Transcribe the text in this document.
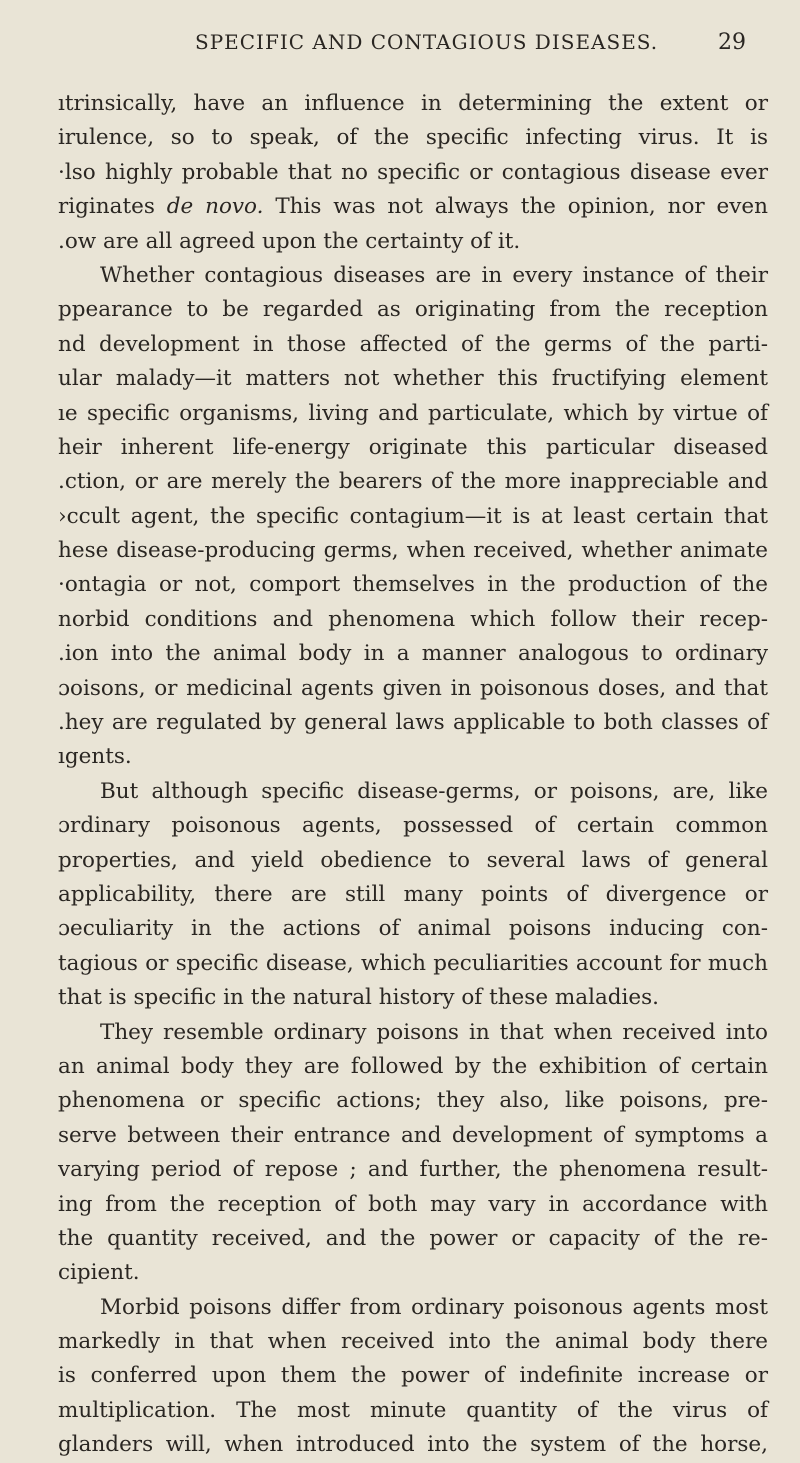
SPECIFIC AND CONTAGIOUS DISEASES.	29
ıtrinsically, have an influence in determining the extent or
irulence, so to speak, of the specific infecting virus. It is
·lso highly probable that no specific or contagious disease ever
riginates de novo. This was not always the opinion, nor even
.ow are all agreed upon the certainty of it.
Whether contagious diseases are in every instance of their
ppearance to be regarded as originating from the reception
nd development in those affected of the germs of the parti-
ular malady—it matters not whether this fructifying element
ıe specific organisms, living and particulate, which by virtue of
heir inherent life-energy originate this particular diseased
.ction, or are merely the bearers of the more inappreciable and
›ccult agent, the specific contagium—it is at least certain that
hese disease-producing germs, when received, whether animate
·ontagia or not, comport themselves in the production of the
norbid conditions and phenomena which follow their recep-
.ion into the animal body in a manner analogous to ordinary
ɔoisons, or medicinal agents given in poisonous doses, and that
.hey are regulated by general laws applicable to both classes of
ıgents.
But although specific disease-germs, or poisons, are, like
ɔrdinary poisonous agents, possessed of certain common
properties, and yield obedience to several laws of general
applicability, there are still many points of divergence or
ɔeculiarity in the actions of animal poisons inducing con-
tagious or specific disease, which peculiarities account for much
that is specific in the natural history of these maladies.
They resemble ordinary poisons in that when received into
an animal body they are followed by the exhibition of certain
phenomena or specific actions; they also, like poisons, pre-
serve between their entrance and development of symptoms a
varying period of repose ; and further, the phenomena result-
ing from the reception of both may vary in accordance with
the quantity received, and the power or capacity of the re-
cipient.
Morbid poisons differ from ordinary poisonous agents most
markedly in that when received into the animal body there
is conferred upon them the power of indefinite increase or
multiplication. The most minute quantity of the virus of
glanders will, when introduced into the system of the horse,
